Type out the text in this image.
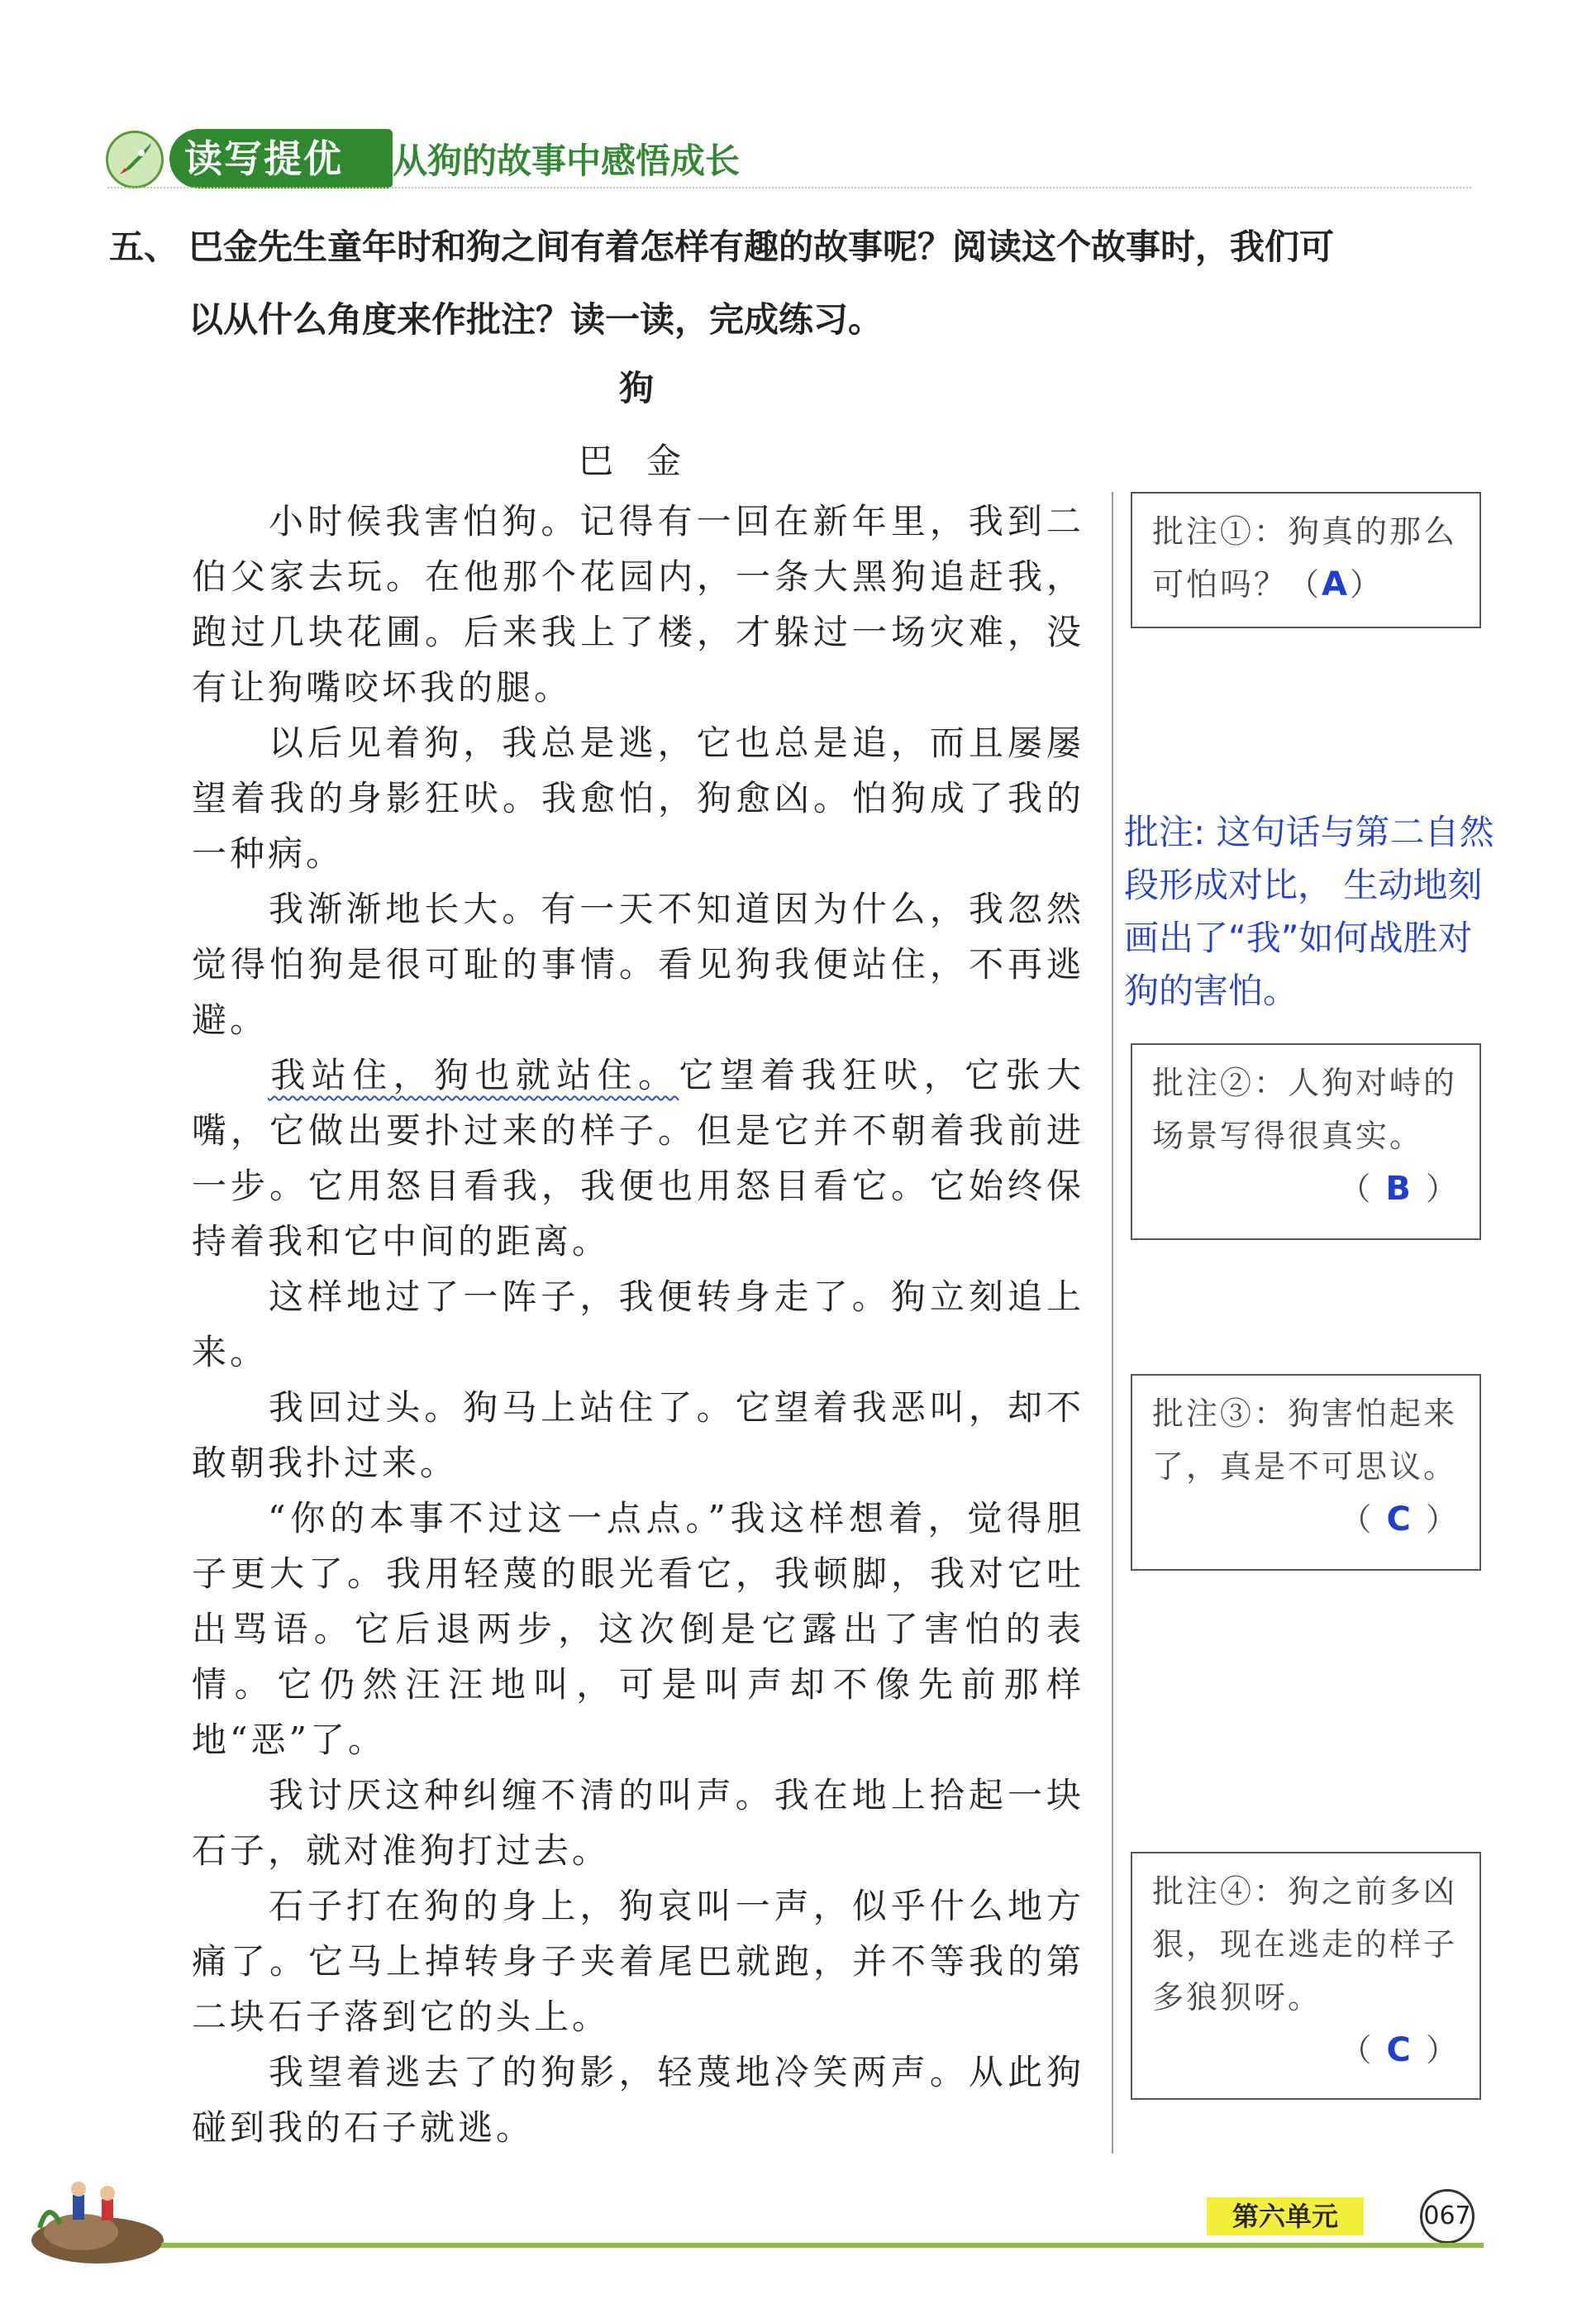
读写提优	从狗的故事中感悟成长
五、 巴金先生童年时和狗之间有着怎样有趣的故事呢？阅读这个故事时，我们可
以从什么角度来作批注？读一读，完成练习。
狗
巴金

小时候我害怕狗。记得有一回在新年里，我到二伯父家去玩。在他那个花园内，一条大黑狗追赶我，跑过几块花圃。后来我上了楼，才躲过一场灾难，没有让狗嘴咬坏我的腿。

以后见着狗，我总是逃，它也总是追，而且屡屡望着我的身影狂吠。我愈怕，狗愈凶。怕狗成了我的一种病。

我渐渐地长大。有一天不知道因为什么，我忽然觉得怕狗是很可耻的事情。看见狗我便站住，不再逃避。

我站住，狗也就站住。它望着我狂吠，它张大嘴，它做出要扑过来的样子。但是它并不朝着我前进一步。它用怒目看我，我便也用怒目看它。它始终保持着我和它中间的距离。

这样地过了一阵子，我便转身走了。狗立刻追上来。

我回过头。狗马上站住了。它望着我恶叫，却不敢朝我扑过来。

“你的本事不过这一点点。”我这样想着，觉得胆子更大了。我用轻蔑的眼光看它，我顿脚，我对它吐出骂语。它后退两步，这次倒是它露出了害怕的表情。它仍然汪汪地叫，可是叫声却不像先前那样地“恶”了。

我讨厌这种纠缠不清的叫声。我在地上拾起一块石子，就对准狗打过去。

石子打在狗的身上，狗哀叫一声，似乎什么地方痛了。它马上掉转身子夹着尾巴就跑，并不等我的第二块石子落到它的头上。

我望着逃去了的狗影，轻蔑地冷笑两声。从此狗碰到我的石子就逃。

批注①：狗真的那么可怕吗？（A）
批注: 这句话与第二自然段形成对比， 生动地刻画出了“我”如何战胜对狗的害怕。
批注②：人狗对峙的场景写得很真实。
（ B ）
批注③：狗害怕起来了，真是不可思议。
（ C ）
批注④：狗之前多凶狠，现在逃走的样子多狼狈呀。
（ C ）
第六单元	067
